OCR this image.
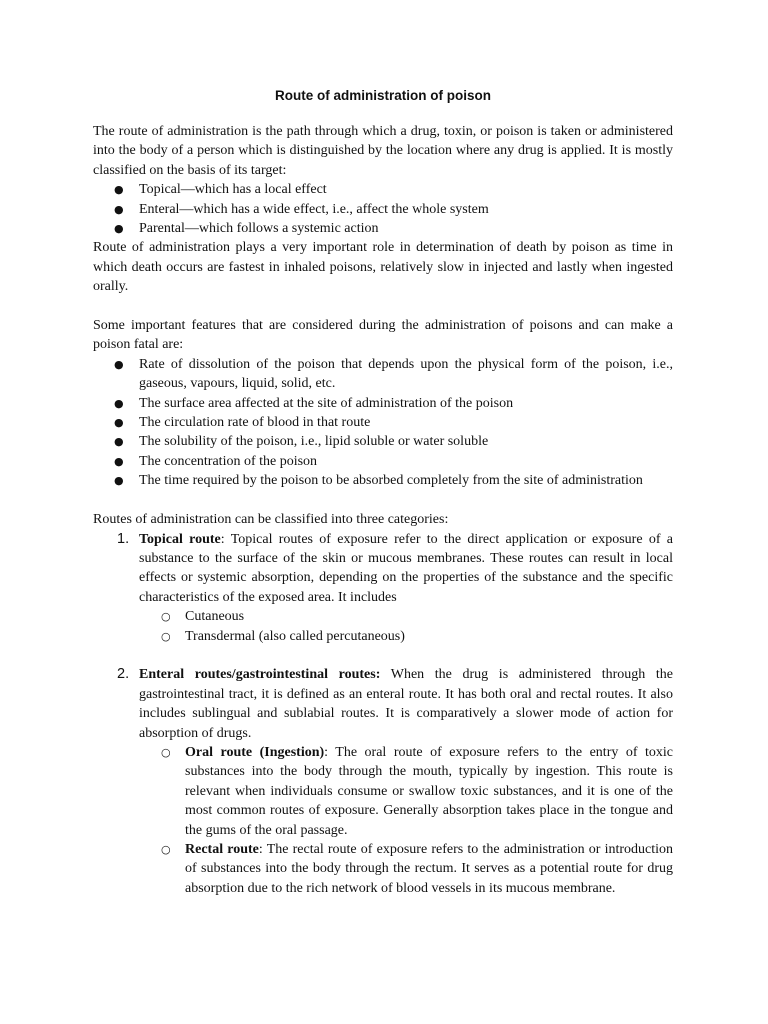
Route of administration of poison

The route of administration is the path through which a drug, toxin, or poison is taken or administered into the body of a person which is distinguished by the location where any drug is applied. It is mostly classified on the basis of its target:

● Topical—which has a local effect
● Enteral—which has a wide effect, i.e., affect the whole system
● Parental—which follows a systemic action

Route of administration plays a very important role in determination of death by poison as time in which death occurs are fastest in inhaled poisons, relatively slow in injected and lastly when ingested orally.

Some important features that are considered during the administration of poisons and can make a poison fatal are:

● Rate of dissolution of the poison that depends upon the physical form of the poison, i.e., gaseous, vapours, liquid, solid, etc.
● The surface area affected at the site of administration of the poison
● The circulation rate of blood in that route
● The solubility of the poison, i.e., lipid soluble or water soluble
● The concentration of the poison
● The time required by the poison to be absorbed completely from the site of administration

Routes of administration can be classified into three categories:

1. Topical route: Topical routes of exposure refer to the direct application or exposure of a substance to the surface of the skin or mucous membranes. These routes can result in local effects or systemic absorption, depending on the properties of the substance and the specific characteristics of the exposed area. It includes
○ Cutaneous
○ Transdermal (also called percutaneous)
2. Enteral routes/gastrointestinal routes: When the drug is administered through the gastrointestinal tract, it is defined as an enteral route. It has both oral and rectal routes. It also includes sublingual and sublabial routes. It is comparatively a slower mode of action for absorption of drugs.
○ Oral route (Ingestion): The oral route of exposure refers to the entry of toxic substances into the body through the mouth, typically by ingestion. This route is relevant when individuals consume or swallow toxic substances, and it is one of the most common routes of exposure. Generally absorption takes place in the tongue and the gums of the oral passage.
○ Rectal route: The rectal route of exposure refers to the administration or introduction of substances into the body through the rectum. It serves as a potential route for drug absorption due to the rich network of blood vessels in its mucous membrane.
